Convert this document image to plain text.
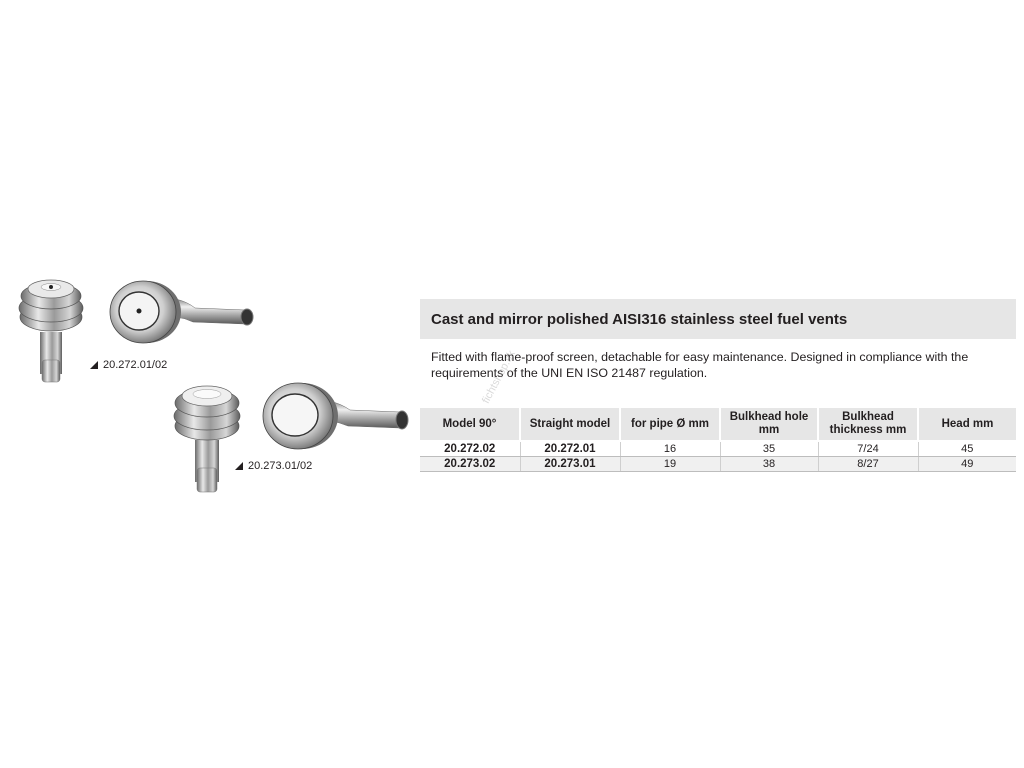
20.272.01/02
20.273.01/02
Cast and mirror polished AISI316 stainless steel fuel vents
Fitted with flame-proof screen, detachable for easy maintenance. Designed in compliance with the requirements of the UNI EN ISO 21487 regulation.
Model 90°	Straight model	for pipe Ø mm	Bulkhead hole mm	Bulkhead thickness mm	Head mm
20.272.02	20.272.01	16	35	7/24	45
20.273.02	20.273.01	19	38	8/27	49
fichtshop.sk
